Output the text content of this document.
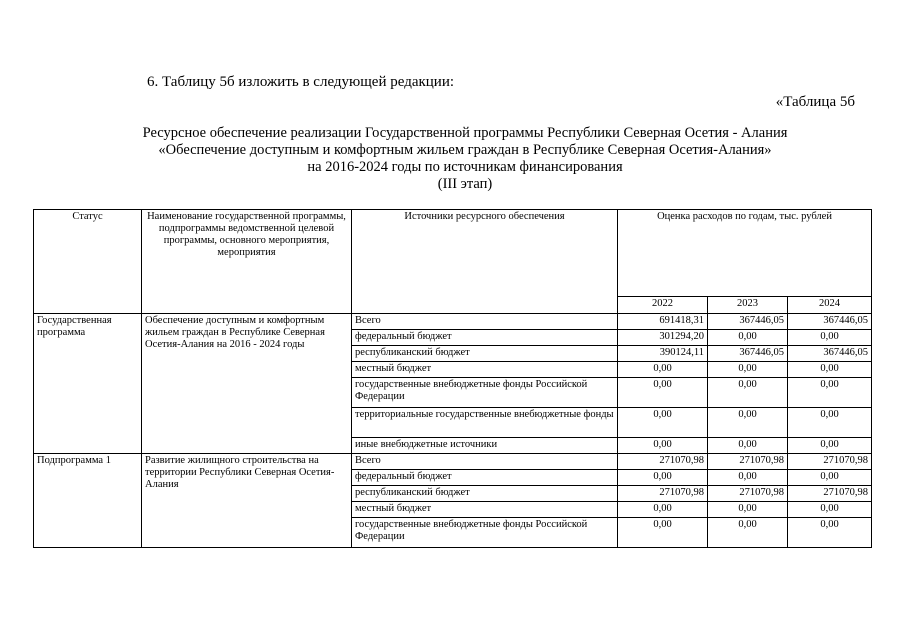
6. Таблицу 5б изложить в следующей редакции:
«Таблица 5б
Ресурсное обеспечение реализации Государственной программы Республики Северная Осетия - Алания
«Обеспечение доступным и комфортным жильем граждан в Республике Северная Осетия-Алания»
на 2016-2024 годы по источникам финансирования
(III этап)
Статус	Наименование государственной программы, подпрограммы ведомственной целевой программы, основного мероприятия, мероприятия	Источники ресурсного обеспечения	Оценка расходов по годам, тыс. рублей		
			2022	2023	2024
Государственная программа	Обеспечение доступным и комфортным жильем граждан в Республике Северная Осетия-Алания на 2016 - 2024 годы	Всего	691418,31	367446,05	367446,05
		федеральный бюджет	301294,20	0,00	0,00
		республиканский бюджет	390124,11	367446,05	367446,05
		местный бюджет	0,00	0,00	0,00
		государственные внебюджетные фонды Российской Федерации	0,00	0,00	0,00
		территориальные государственные внебюджетные фонды	0,00	0,00	0,00
		иные внебюджетные источники	0,00	0,00	0,00
Подпрограмма 1	Развитие жилищного строительства на территории Республики Северная Осетия-Алания	Всего	271070,98	271070,98	271070,98
		федеральный бюджет	0,00	0,00	0,00
		республиканский бюджет	271070,98	271070,98	271070,98
		местный бюджет	0,00	0,00	0,00
		государственные внебюджетные фонды Российской Федерации	0,00	0,00	0,00
